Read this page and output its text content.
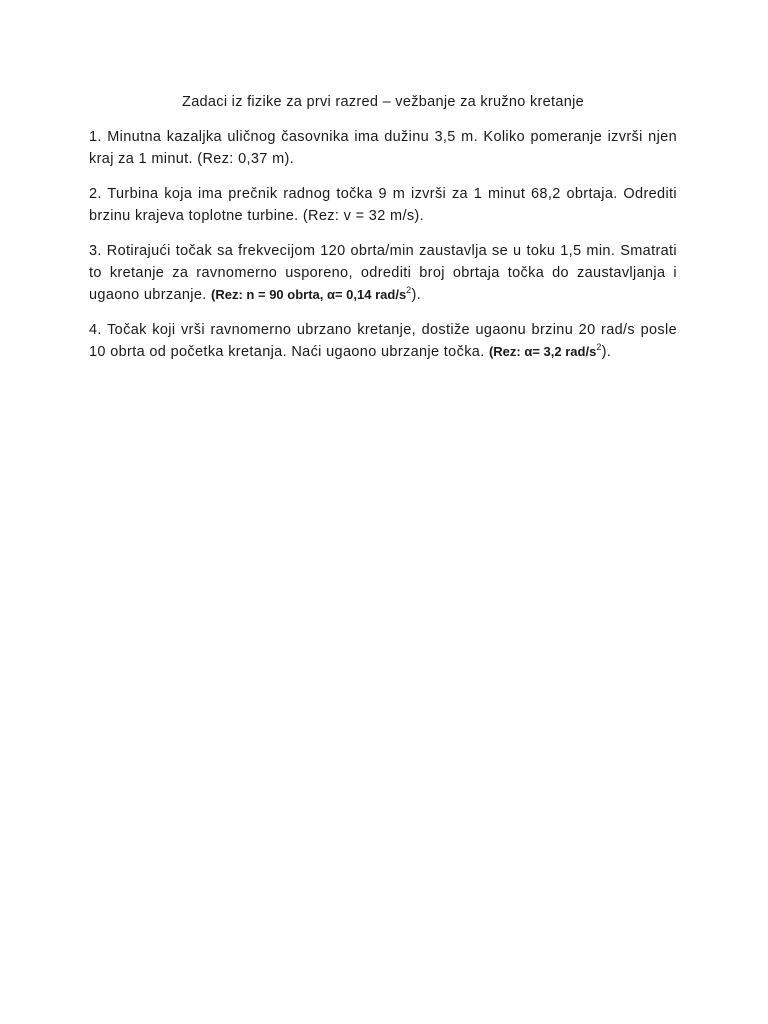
Zadaci iz fizike za prvi razred – vežbanje za kružno kretanje

1. Minutna kazaljka uličnog časovnika ima dužinu 3,5 m. Koliko pomeranje izvrši njen kraj za 1 minut. (Rez: 0,37 m).

2. Turbina koja ima prečnik radnog točka 9 m izvrši za 1 minut 68,2 obrtaja. Odrediti brzinu krajeva toplotne turbine. (Rez: v = 32 m/s).

3. Rotirajući točak sa frekvecijom 120 obrta/min zaustavlja se u toku 1,5 min. Smatrati to kretanje za ravnomerno usporeno, odrediti broj obrtaja točka do zaustavljanja i ugaono ubrzanje. (Rez: n = 90 obrta, α= 0,14 rad/$s^2$).

4. Točak koji vrši ravnomerno ubrzano kretanje, dostiže ugaonu brzinu 20 rad/s posle 10 obrta od početka kretanja. Naći ugaono ubrzanje točka. (Rez: α= 3,2 rad/$s^2$).
